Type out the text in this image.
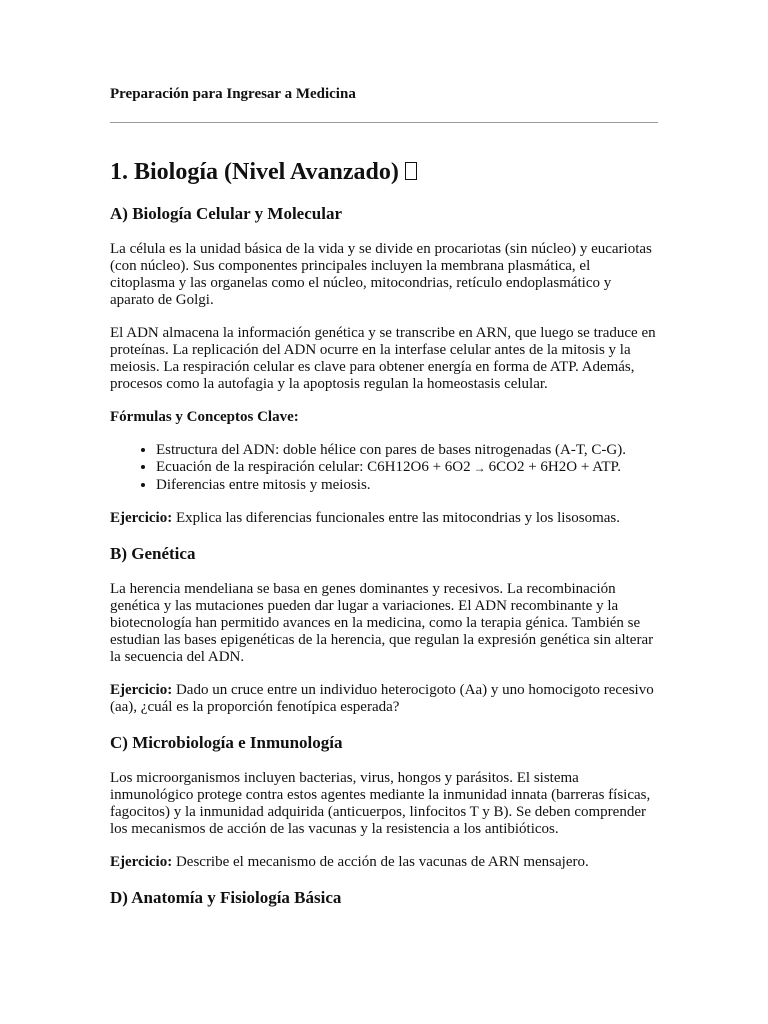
Preparación para Ingresar a Medicina

1. Biología (Nivel Avanzado)
A) Biología Celular y Molecular

La célula es la unidad básica de la vida y se divide en procariotas (sin núcleo) y eucariotas (con núcleo). Sus componentes principales incluyen la membrana plasmática, el citoplasma y las organelas como el núcleo, mitocondrias, retículo endoplasmático y aparato de Golgi.

El ADN almacena la información genética y se transcribe en ARN, que luego se traduce en proteínas. La replicación del ADN ocurre en la interfase celular antes de la mitosis y la meiosis. La respiración celular es clave para obtener energía en forma de ATP. Además, procesos como la autofagia y la apoptosis regulan la homeostasis celular.

Fórmulas y Conceptos Clave:

• Estructura del ADN: doble hélice con pares de bases nitrogenadas (A-T, C-G).
• Ecuación de la respiración celular: C6H12O6 + 6O2 → 6CO2 + 6H2O + ATP.
• Diferencias entre mitosis y meiosis.

Ejercicio: Explica las diferencias funcionales entre las mitocondrias y los lisosomas.

B) Genética

La herencia mendeliana se basa en genes dominantes y recesivos. La recombinación genética y las mutaciones pueden dar lugar a variaciones. El ADN recombinante y la biotecnología han permitido avances en la medicina, como la terapia génica. También se estudian las bases epigenéticas de la herencia, que regulan la expresión genética sin alterar la secuencia del ADN.

Ejercicio: Dado un cruce entre un individuo heterocigoto (Aa) y uno homocigoto recesivo (aa), ¿cuál es la proporción fenotípica esperada?

C) Microbiología e Inmunología

Los microorganismos incluyen bacterias, virus, hongos y parásitos. El sistema inmunológico protege contra estos agentes mediante la inmunidad innata (barreras físicas, fagocitos) y la inmunidad adquirida (anticuerpos, linfocitos T y B). Se deben comprender los mecanismos de acción de las vacunas y la resistencia a los antibióticos.

Ejercicio: Describe el mecanismo de acción de las vacunas de ARN mensajero.

D) Anatomía y Fisiología Básica
